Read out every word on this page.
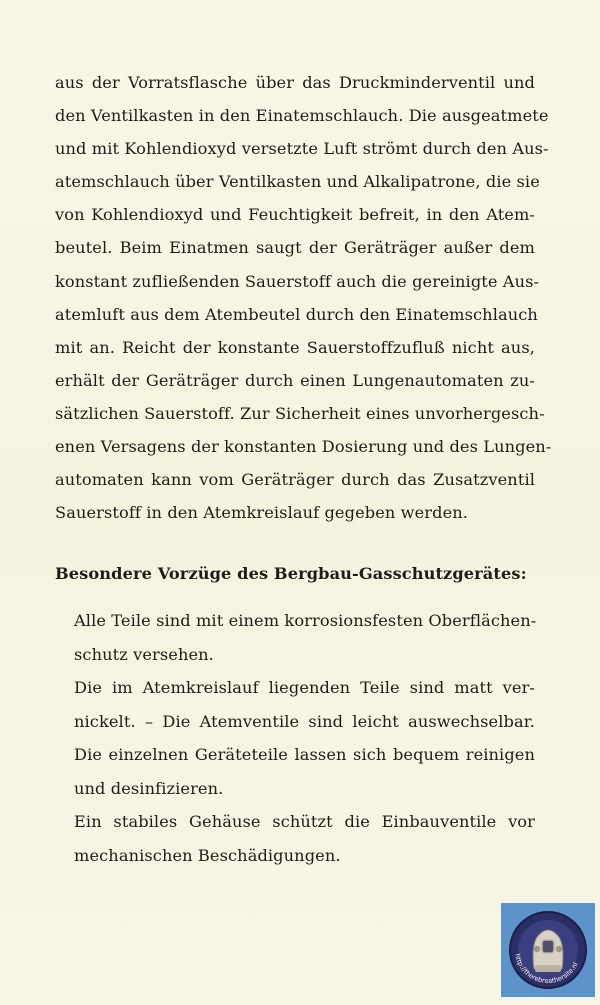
aus der Vorratsflasche über das Druckminderventil und
den Ventilkasten in den Einatemschlauch. Die ausgeatmete
und mit Kohlendioxyd versetzte Luft strömt durch den Aus-
atemschlauch über Ventilkasten und Alkalipatrone, die sie
von Kohlendioxyd und Feuchtigkeit befreit, in den Atem-
beutel. Beim Einatmen saugt der Geräträger außer dem
konstant zufließenden Sauerstoff auch die gereinigte Aus-
atemluft aus dem Atembeutel durch den Einatemschlauch
mit an. Reicht der konstante Sauerstoffzufluß nicht aus,
erhält der Geräträger durch einen Lungenautomaten zu-
sätzlichen Sauerstoff. Zur Sicherheit eines unvorhergesch-
enen Versagens der konstanten Dosierung und des Lungen-
automaten kann vom Geräträger durch das Zusatzventil
Sauerstoff in den Atemkreislauf gegeben werden.
Besondere Vorzüge des Bergbau-Gasschutzgerätes:
Alle Teile sind mit einem korrosionsfesten Oberflächen-
schutz versehen.
Die im Atemkreislauf liegenden Teile sind matt ver-
nickelt. – Die Atemventile sind leicht auswechselbar.
Die einzelnen Geräteteile lassen sich bequem reinigen
und desinfizieren.
Ein stabiles Gehäuse schützt die Einbauventile vor
mechanischen Beschädigungen.
http://therebreathersite.nl
